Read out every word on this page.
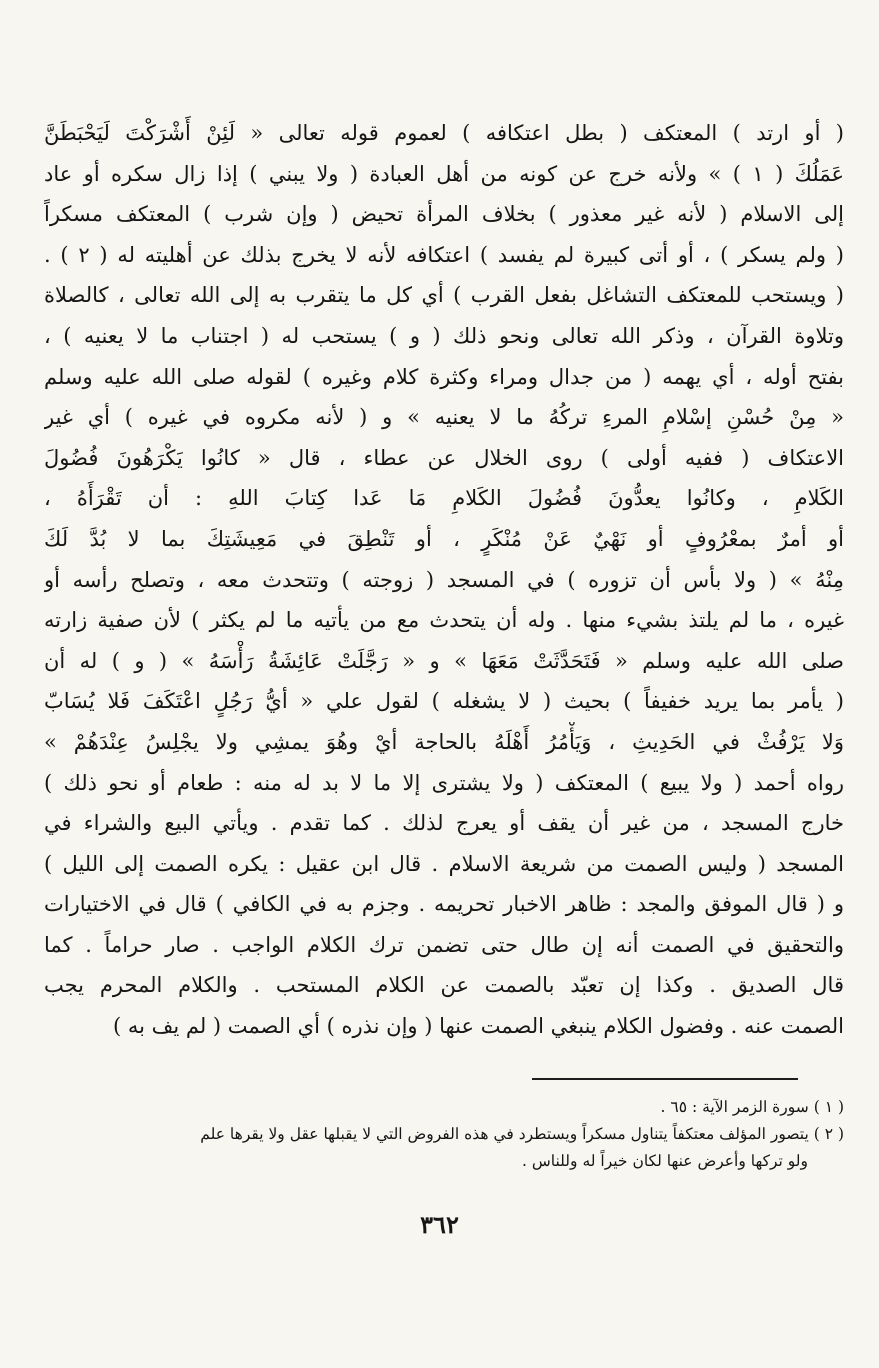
( أو ارتد ) المعتكف ( بطل اعتكافه ) لعموم قوله تعالى « لَئِنْ أَشْرَكْتَ لَيَحْبَطَنَّ
عَمَلُكَ ( ١ ) » ولأنه خرج عن كونه من أهل العبادة ( ولا يبني ) إذا زال سكره أو عاد
إلى الاسلام ( لأنه غير معذور ) بخلاف المرأة تحيض ( وإن شرب ) المعتكف مسكراً
( ولم يسكر ) ، أو أتى كبيرة لم يفسد ) اعتكافه لأنه لا يخرج بذلك عن أهليته له ( ٢ ) .
( ويستحب للمعتكف التشاغل بفعل القرب ) أي كل ما يتقرب به إلى الله تعالى ، كالصلاة
وتلاوة القرآن ، وذكر الله تعالى ونحو ذلك ( و ) يستحب له ( اجتناب ما لا يعنيه ) ،
بفتح أوله ، أي يهمه ( من جدال ومراء وكثرة كلام وغيره ) لقوله صلى الله عليه وسلم
« مِنْ حُسْنِ إسْلامِ المرءِ تركُهُ ما لا يعنيه » و ( لأنه مكروه في غيره ) أي غير
الاعتكاف ( ففيه أولى ) روى الخلال عن عطاء ، قال « كانُوا يَكْرَهُونَ فُضُولَ
الكَلامِ ، وكانُوا يعدُّونَ فُضُولَ الكَلامِ مَا عَدا كِتابَ اللهِ : أن تَقْرَأَهُ ،
أو أمرٌ بمعْرُوفٍ أو نَهْيٌ عَنْ مُنْكَرٍ ، أو تَنْطِقَ في مَعِيشَتِكَ بما لا بُدَّ لَكَ
مِنْهُ » ( ولا بأس أن تزوره ) في المسجد ( زوجته ) وتتحدث معه ، وتصلح رأسه أو
غيره ، ما لم يلتذ بشيء منها . وله أن يتحدث مع من يأتيه ما لم يكثر ) لأن صفية زارته
صلى الله عليه وسلم « فَتَحَدَّثَتْ مَعَهَا » و « رَجَّلَتْ عَائِشَةُ رَأْسَهُ » ( و ) له أن
( يأمر بما يريد خفيفاً ) بحيث ( لا يشغله ) لقول علي « أيُّ رَجُلٍ اعْتَكَفَ فَلا يُسَابّ
وَلا يَرْفُثْ في الحَدِيثِ ، وَيَأْمُرُ أَهْلَهُ بالحاجة أيْ وهُوَ يمشِي ولا يجْلِسُ عِنْدَهُمْ »
رواه أحمد ( ولا يبيع ) المعتكف ( ولا يشترى إلا ما لا بد له منه : طعام أو نحو ذلك )
خارج المسجد ، من غير أن يقف أو يعرج لذلك . كما تقدم . ويأتي البيع والشراء في
المسجد ( وليس الصمت من شريعة الاسلام . قال ابن عقيل : يكره الصمت إلى الليل )
و ( قال الموفق والمجد : ظاهر الاخبار تحريمه . وجزم به في الكافي ) قال في الاختيارات
والتحقيق في الصمت أنه إن طال حتى تضمن ترك الكلام الواجب . صار حراماً . كما
قال الصديق . وكذا إن تعبّد بالصمت عن الكلام المستحب . والكلام المحرم يجب
الصمت عنه . وفضول الكلام ينبغي الصمت عنها ( وإن نذره ) أي الصمت ( لم يف به )
( ١ ) سورة الزمر الآية : ٦٥ .
( ٢ ) يتصور المؤلف معتكفاً يتناول مسكراً ويستطرد في هذه الفروض التي لا يقبلها عقل ولا يقرها علم
ولو تركها وأعرض عنها لكان خيراً له وللناس .
٣٦٢
